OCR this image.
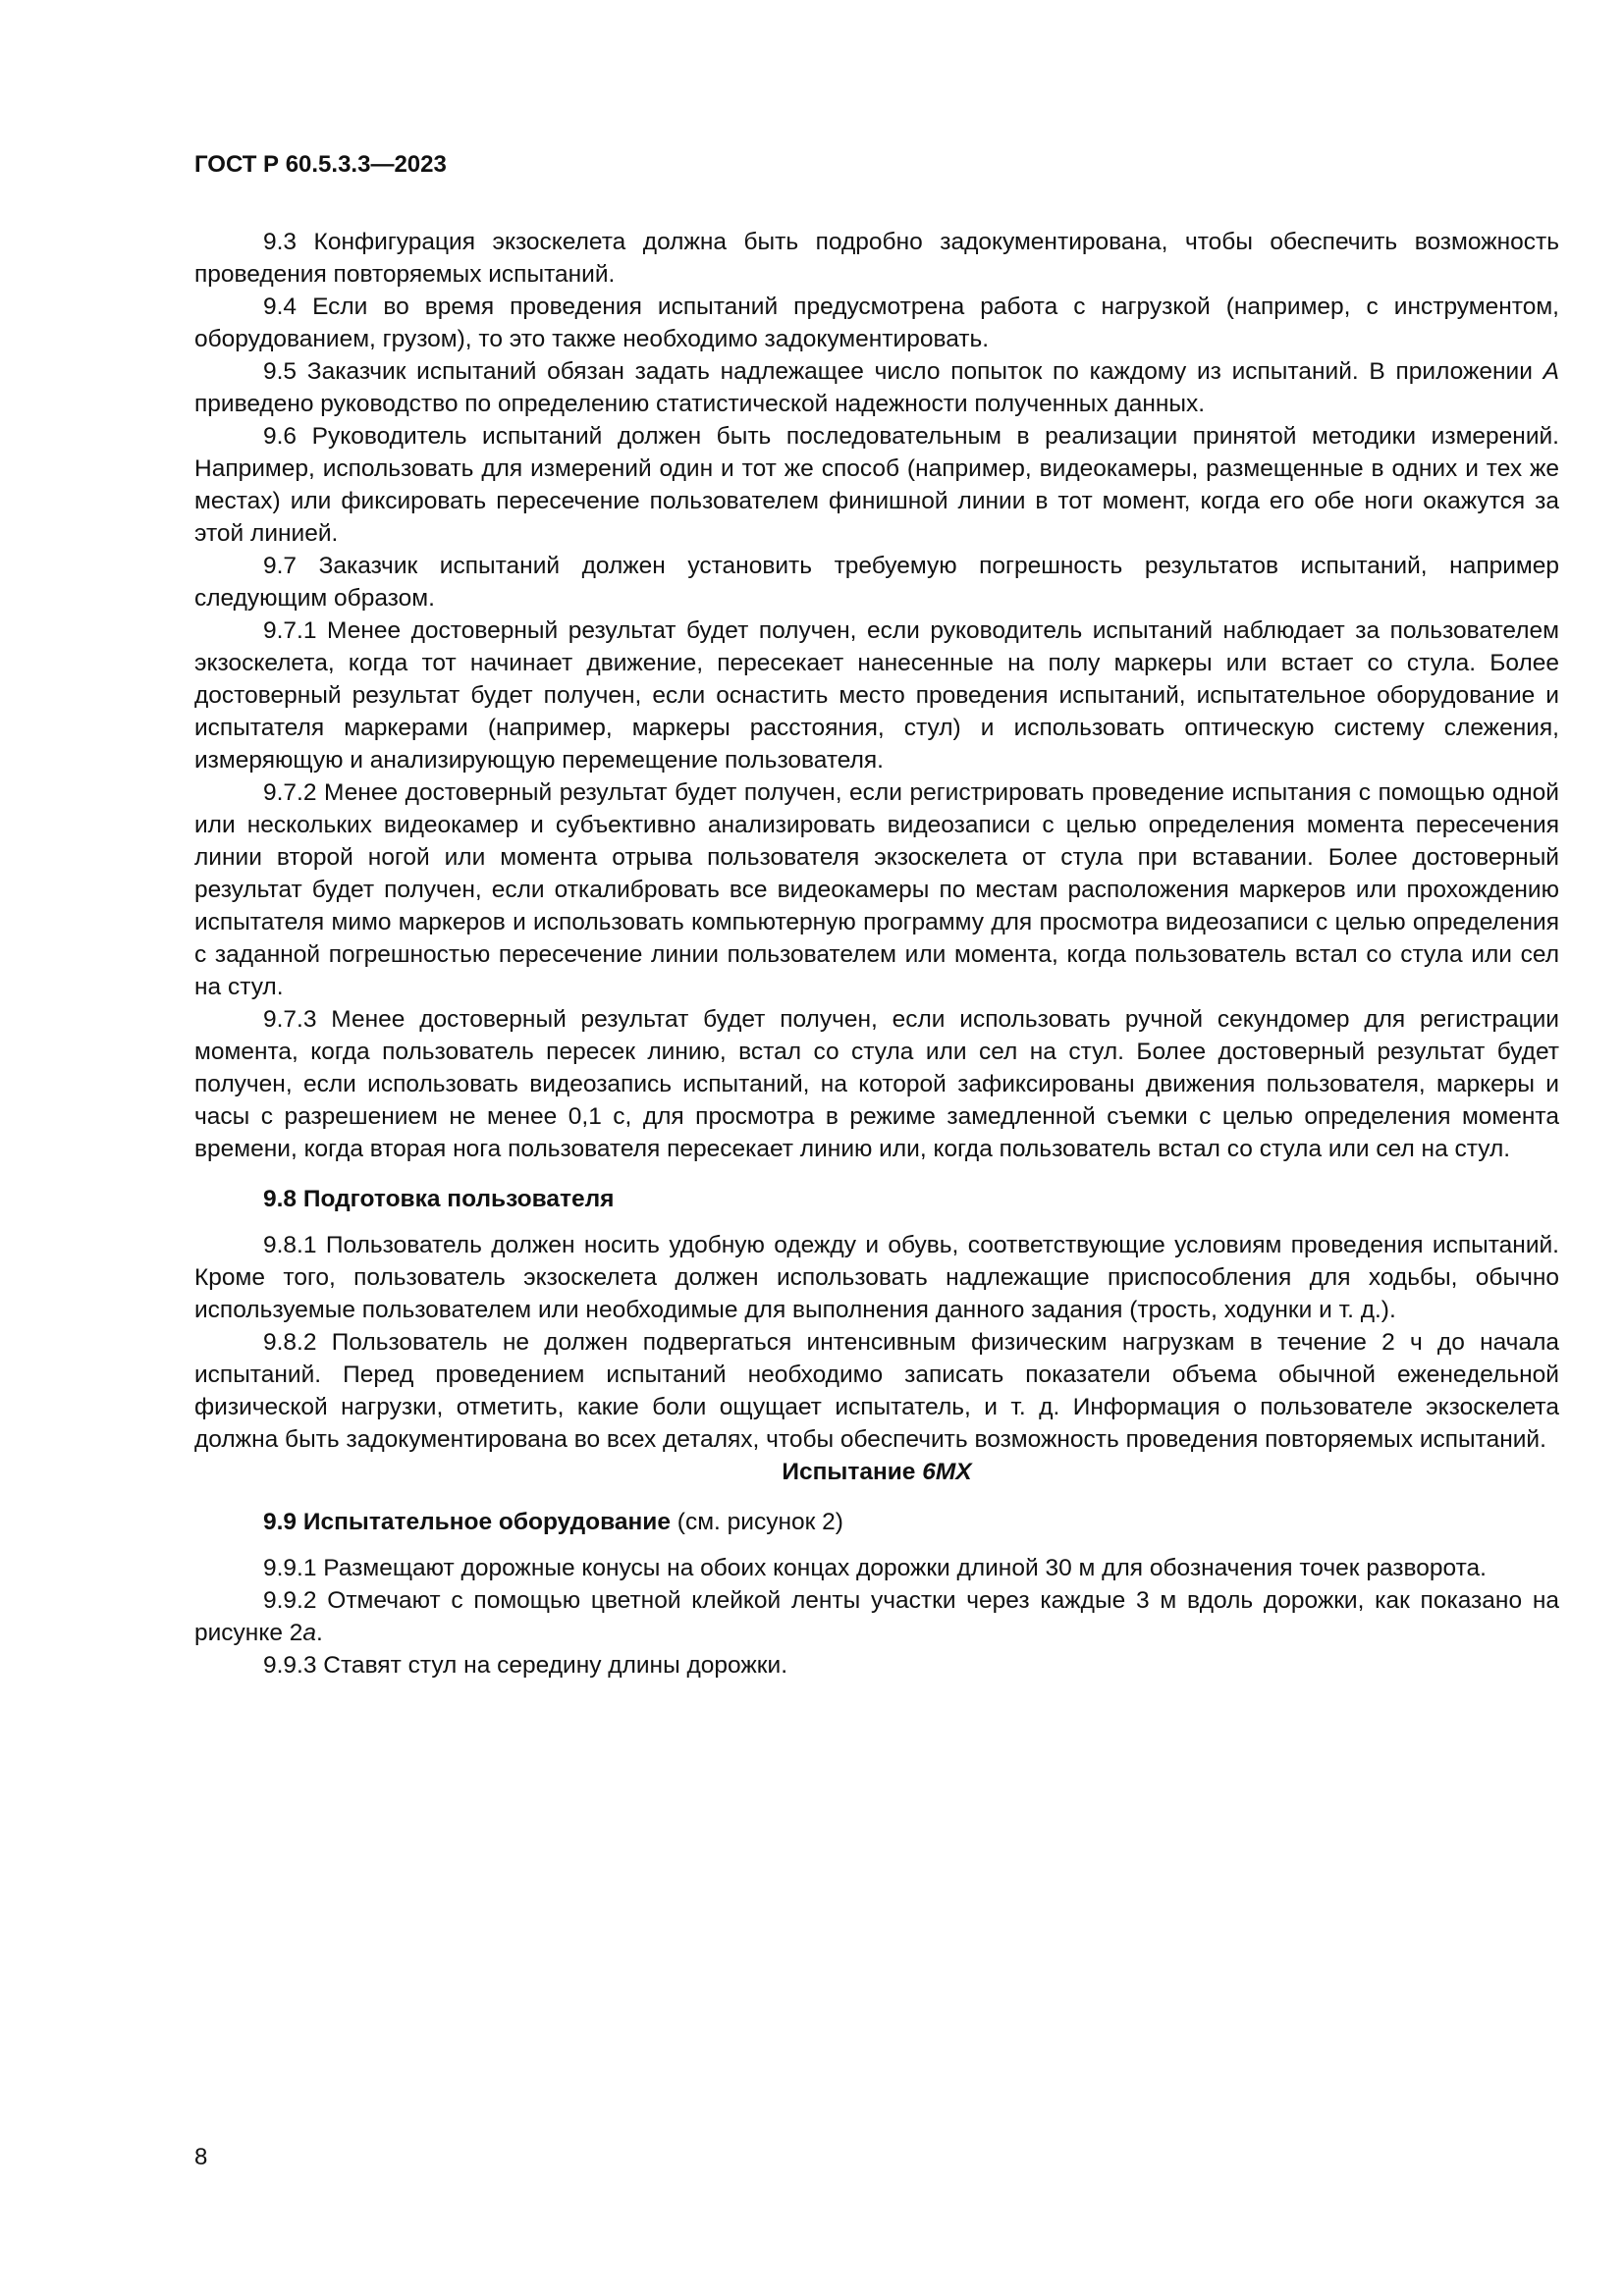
ГОСТ Р 60.5.3.3—2023

9.3 Конфигурация экзоскелета должна быть подробно задокументирована, чтобы обеспечить возможность проведения повторяемых испытаний.

9.4 Если во время проведения испытаний предусмотрена работа с нагрузкой (например, с инструментом, оборудованием, грузом), то это также необходимо задокументировать.

9.5 Заказчик испытаний обязан задать надлежащее число попыток по каждому из испытаний. В приложении А приведено руководство по определению статистической надежности полученных данных.

9.6 Руководитель испытаний должен быть последовательным в реализации принятой методики измерений. Например, использовать для измерений один и тот же способ (например, видеокамеры, размещенные в одних и тех же местах) или фиксировать пересечение пользователем финишной линии в тот момент, когда его обе ноги окажутся за этой линией.

9.7 Заказчик испытаний должен установить требуемую погрешность результатов испытаний, например следующим образом.

9.7.1 Менее достоверный результат будет получен, если руководитель испытаний наблюдает за пользователем экзоскелета, когда тот начинает движение, пересекает нанесенные на полу маркеры или встает со стула. Более достоверный результат будет получен, если оснастить место проведения испытаний, испытательное оборудование и испытателя маркерами (например, маркеры расстояния, стул) и использовать оптическую систему слежения, измеряющую и анализирующую перемещение пользователя.

9.7.2 Менее достоверный результат будет получен, если регистрировать проведение испытания с помощью одной или нескольких видеокамер и субъективно анализировать видеозаписи с целью определения момента пересечения линии второй ногой или момента отрыва пользователя экзоскелета от стула при вставании. Более достоверный результат будет получен, если откалибровать все видеокамеры по местам расположения маркеров или прохождению испытателя мимо маркеров и использовать компьютерную программу для просмотра видеозаписи с целью определения с заданной погрешностью пересечение линии пользователем или момента, когда пользователь встал со стула или сел на стул.

9.7.3 Менее достоверный результат будет получен, если использовать ручной секундомер для регистрации момента, когда пользователь пересек линию, встал со стула или сел на стул. Более достоверный результат будет получен, если использовать видеозапись испытаний, на которой зафиксированы движения пользователя, маркеры и часы с разрешением не менее 0,1 с, для просмотра в режиме замедленной съемки с целью определения момента времени, когда вторая нога пользователя пересекает линию или, когда пользователь встал со стула или сел на стул.

9.8 Подготовка пользователя

9.8.1 Пользователь должен носить удобную одежду и обувь, соответствующие условиям проведения испытаний. Кроме того, пользователь экзоскелета должен использовать надлежащие приспособления для ходьбы, обычно используемые пользователем или необходимые для выполнения данного задания (трость, ходунки и т. д.).

9.8.2 Пользователь не должен подвергаться интенсивным физическим нагрузкам в течение 2 ч до начала испытаний. Перед проведением испытаний необходимо записать показатели объема обычной еженедельной физической нагрузки, отметить, какие боли ощущает испытатель, и т. д. Информация о пользователе экзоскелета должна быть задокументирована во всех деталях, чтобы обеспечить возможность проведения повторяемых испытаний.

Испытание 6MX

9.9 Испытательное оборудование (см. рисунок 2)

9.9.1 Размещают дорожные конусы на обоих концах дорожки длиной 30 м для обозначения точек разворота.

9.9.2 Отмечают с помощью цветной клейкой ленты участки через каждые 3 м вдоль дорожки, как показано на рисунке 2а.

9.9.3 Ставят стул на середину длины дорожки.

8
